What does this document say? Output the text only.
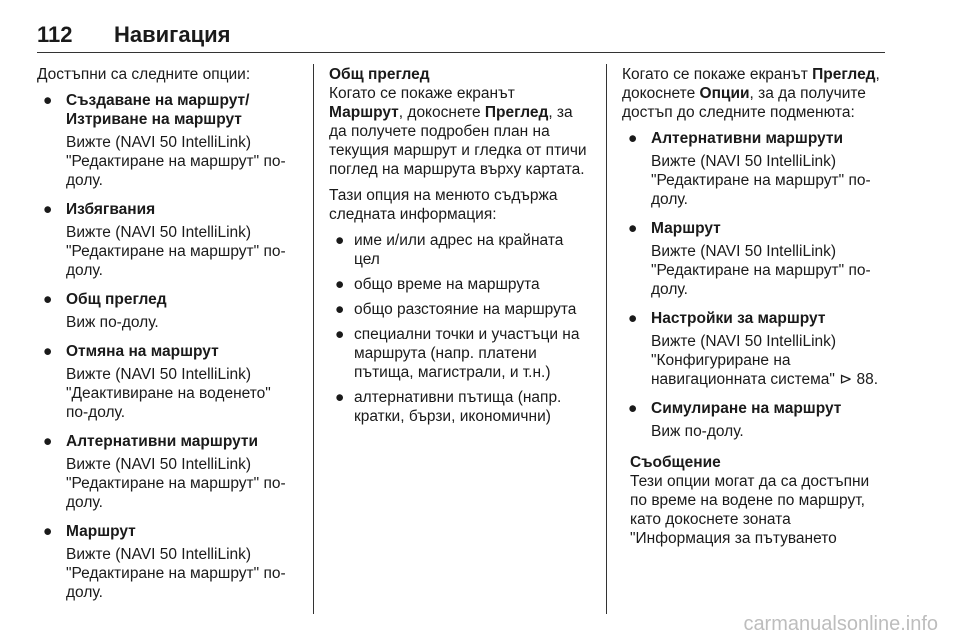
112 Навигация

Достъпни са следните опции:

● Създаване на маршрут/
Изтриване на маршрут
Вижте (NAVI 50 IntelliLink)
"Редактиране на маршрут" по-
долу.
● Избягвания
Вижте (NAVI 50 IntelliLink)
"Редактиране на маршрут" по-
долу.
● Общ преглед
Виж по-долу.
● Отмяна на маршрут
Вижте (NAVI 50 IntelliLink)
"Деактивиране на воденето"
по-долу.
● Алтернативни маршрути
Вижте (NAVI 50 IntelliLink)
"Редактиране на маршрут" по-
долу.
● Маршрут
Вижте (NAVI 50 IntelliLink)
"Редактиране на маршрут" по-
долу.
Общ преглед

Когато се покаже екранът
Маршрут, докоснете Преглед, за
да получете подробен план на
текущия маршрут и гледка от птичи
поглед на маршрута върху картата.

Тази опция на менюто съдържа
следната информация:

● име и/или адрес на крайната
цел
● общо време на маршрута
● общо разстояние на маршрута
● специални точки и участъци на
маршрута (напр. платени
пътища, магистрали, и т.н.)
● алтернативни пътища (напр.
кратки, бързи, икономични)

Когато се покаже екранът Преглед,
докоснете Опции, за да получите
достъп до следните подменюта:

● Алтернативни маршрути
Вижте (NAVI 50 IntelliLink)
"Редактиране на маршрут" по-
долу.
● Маршрут
Вижте (NAVI 50 IntelliLink)
"Редактиране на маршрут" по-
долу.
● Настройки за маршрут
Вижте (NAVI 50 IntelliLink)
"Конфигуриране на
навигационната система" ⊳ 88.
● Симулиране на маршрут
Виж по-долу.
Съобщение
Тези опции могат да са достъпни
по време на водене по маршрут,
като докоснете зоната
"Информация за пътуването
carmanualsonline.info
